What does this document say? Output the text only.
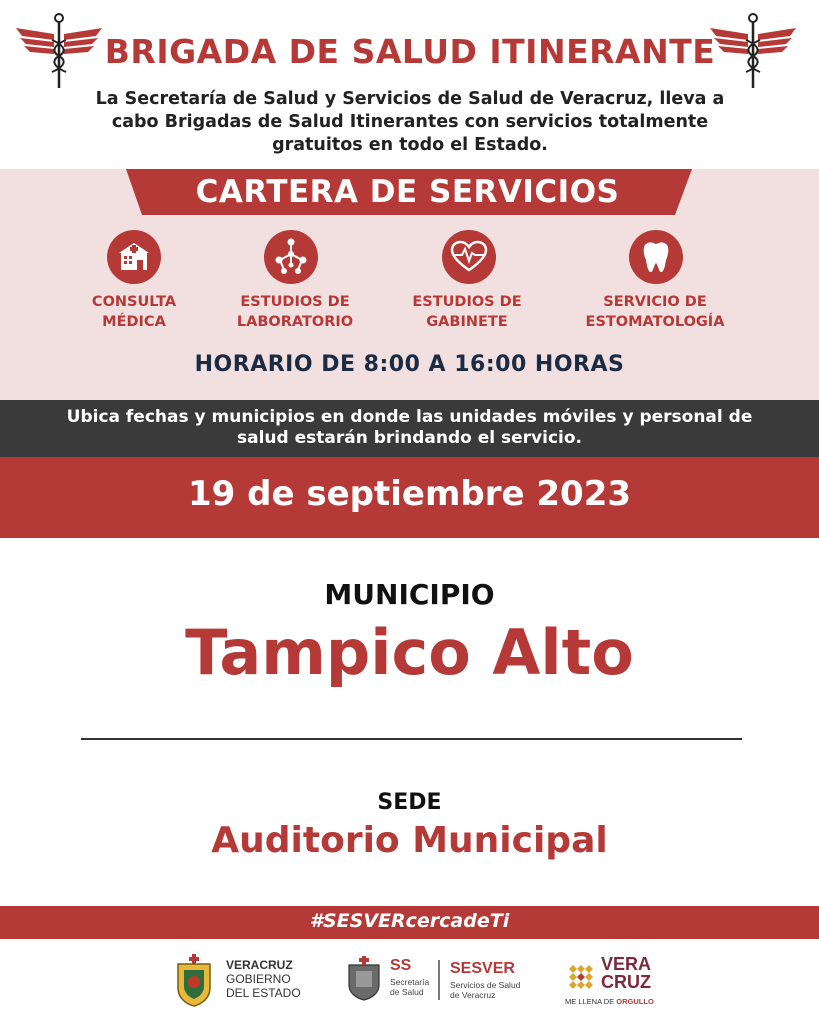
BRIGADA DE SALUD ITINERANTE
La Secretaría de Salud y Servicios de Salud de Veracruz, lleva a cabo Brigadas de Salud Itinerantes con servicios totalmente gratuitos en todo el Estado.
CARTERA DE SERVICIOS
CONSULTA
MÉDICA
ESTUDIOS DE
LABORATORIO
ESTUDIOS DE
GABINETE
SERVICIO DE
ESTOMATOLOGÍA
HORARIO DE 8:00 A 16:00 HORAS
Ubica fechas y municipios en donde las unidades móviles y personal de salud estarán brindando el servicio.
19 de septiembre 2023
MUNICIPIO
Tampico Alto
SEDE
Auditorio Municipal
#SESVERcercadeTi
VERACRUZ
GOBIERNO
DEL ESTADO
SS
Secretaría
de Salud
SESVER
Servicios de Salud
de Veracruz
VERA
CRUZ
ME LLENA DE ORGULLO
